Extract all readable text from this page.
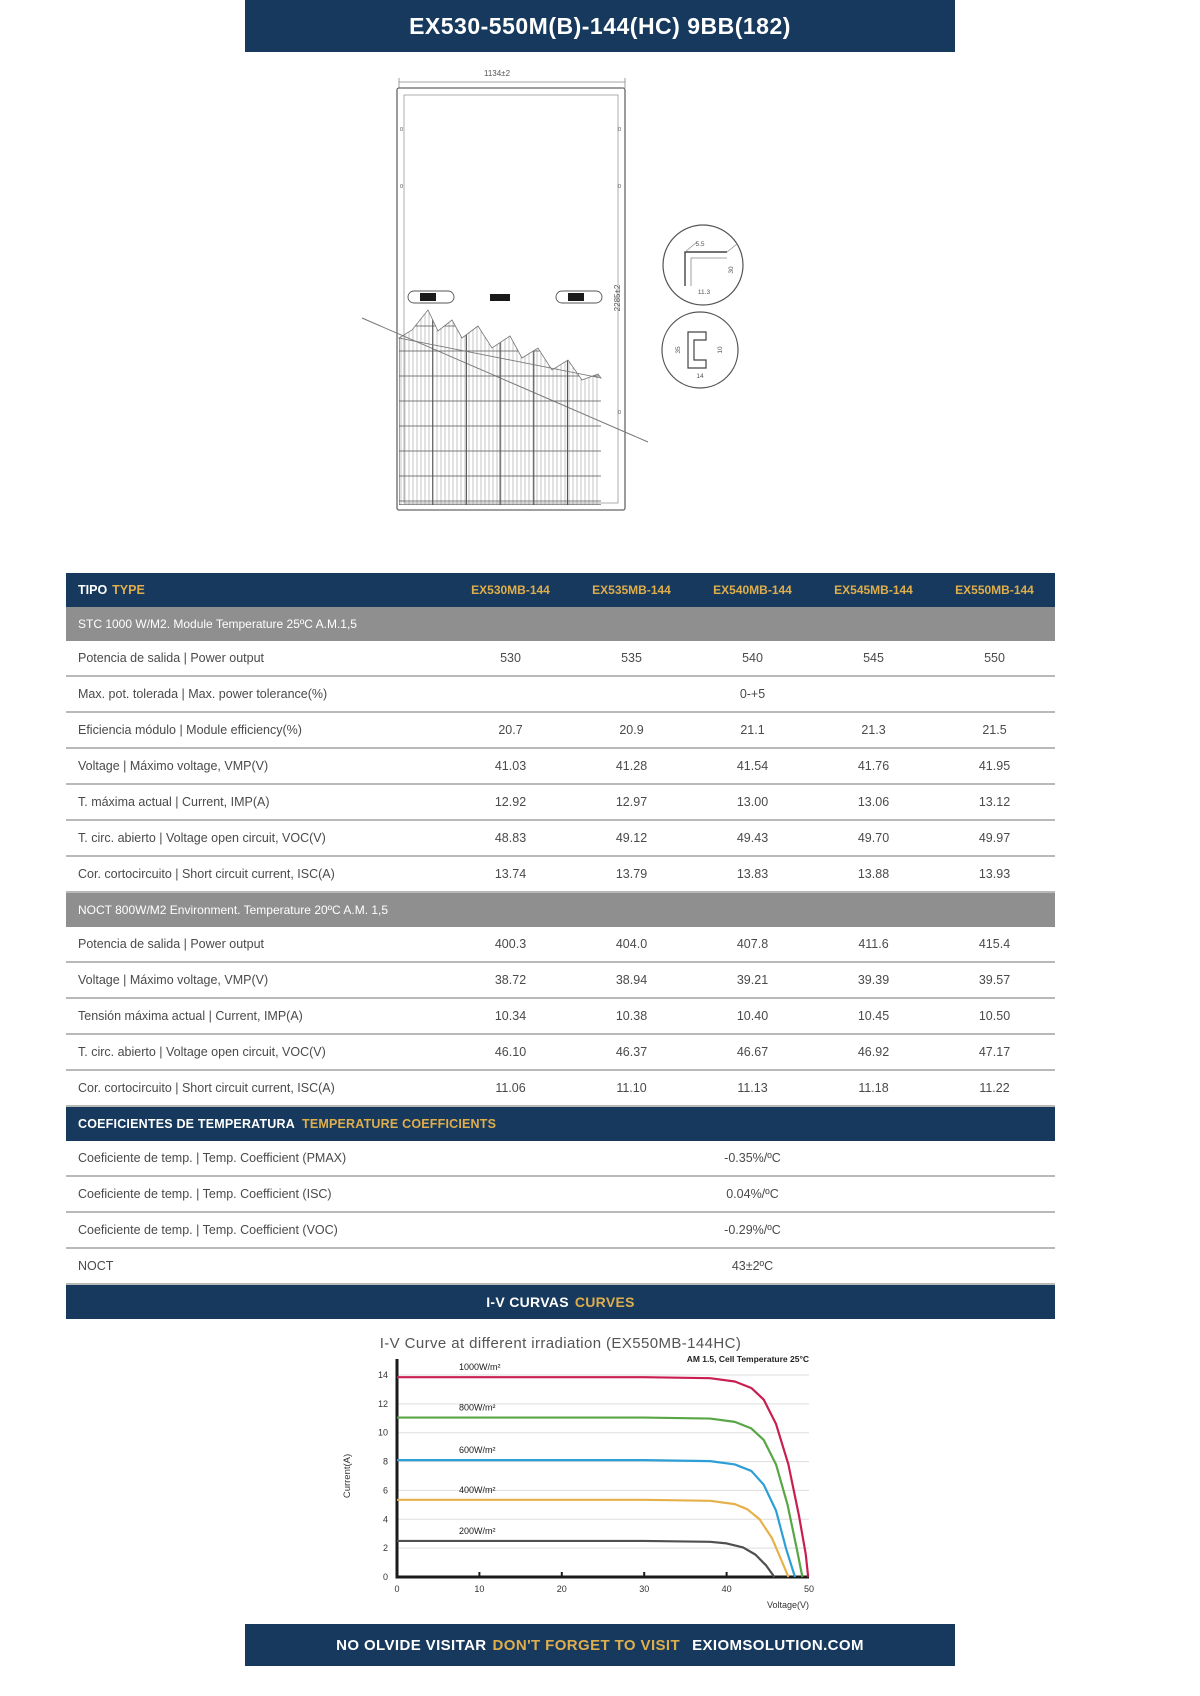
EX530-550M(B)-144(HC) 9BB(182)
1134±2
2285±2
0	0
0	0
0
5.5
30
11.3
35	10
14
TIPO TYPE	EX530MB-144	EX535MB-144	EX540MB-144	EX545MB-144	EX550MB-144
STC 1000 W/M2. Module Temperature 25ºC A.M.1,5
Potencia de salida | Power output	530	535	540	545	550
Max. pot. tolerada | Max. power tolerance(%)	0-+5
Eficiencia módulo | Module efficiency(%)	20.7	20.9	21.1	21.3	21.5
Voltage | Máximo voltage, VMP(V)	41.03	41.28	41.54	41.76	41.95
T. máxima actual | Current, IMP(A)	12.92	12.97	13.00	13.06	13.12
T. circ. abierto | Voltage open circuit, VOC(V)	48.83	49.12	49.43	49.70	49.97
Cor. cortocircuito | Short circuit current, ISC(A)	13.74	13.79	13.83	13.88	13.93
NOCT 800W/M2 Environment. Temperature 20ºC A.M. 1,5
Potencia de salida | Power output	400.3	404.0	407.8	411.6	415.4
Voltage | Máximo voltage, VMP(V)	38.72	38.94	39.21	39.39	39.57
Tensión máxima actual | Current, IMP(A)	10.34	10.38	10.40	10.45	10.50
T. circ. abierto | Voltage open circuit, VOC(V)	46.10	46.37	46.67	46.92	47.17
Cor. cortocircuito | Short circuit current, ISC(A)	11.06	11.10	11.13	11.18	11.22
COEFICIENTES DE TEMPERATURA TEMPERATURE COEFFICIENTS
Coeficiente de temp. | Temp. Coefficient (PMAX)	-0.35%/ºC
Coeficiente de temp. | Temp. Coefficient (ISC)	0.04%/ºC
Coeficiente de temp. | Temp. Coefficient (VOC)	-0.29%/ºC
NOCT	43±2ºC
I-V CURVAS CURVES
I-V Curve at different irradiation (EX550MB-144HC)
0
2
4
6
8
10
12
14
0	10	20	30	40	50
1000W/m²
800W/m²
600W/m²
400W/m²
200W/m²
AM 1.5, Cell Temperature 25°C
Current(A)
Voltage(V)
NO OLVIDE VISITAR DON'T FORGET TO VISIT EXIOMSOLUTION.COM
